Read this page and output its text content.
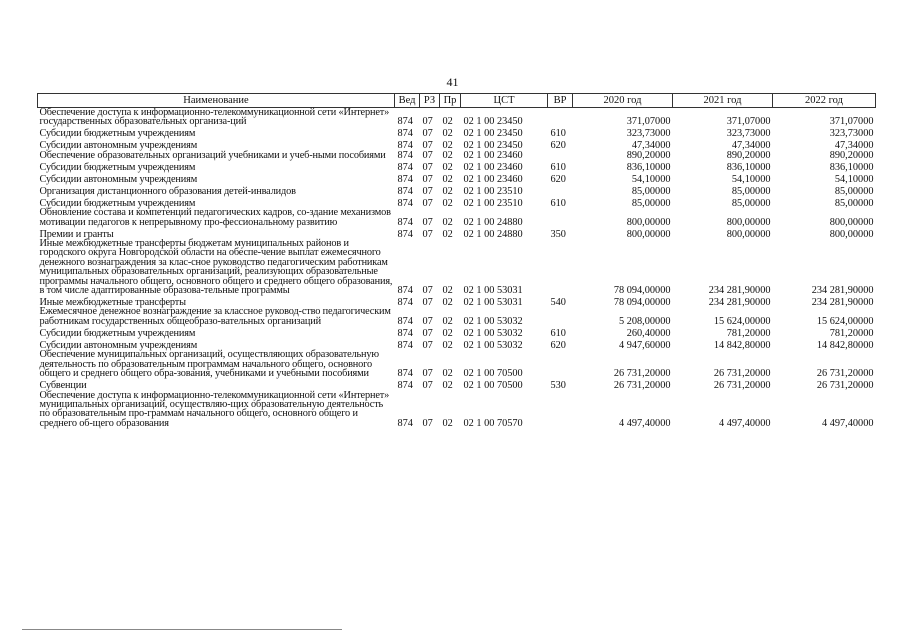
41
Наименование	Вед	РЗ	Пр	ЦСТ	ВР	2020 год	2021 год	2022 год
Обеспечение доступа к информационно-телекоммуникационной сети «Интернет» государственных образовательных организа-ций	874	07	02	02 1 00 23450		371,07000	371,07000	371,07000
Субсидии бюджетным учреждениям	874	07	02	02 1 00 23450	610	323,73000	323,73000	323,73000
Субсидии автономным учреждениям	874	07	02	02 1 00 23450	620	47,34000	47,34000	47,34000
Обеспечение образовательных организаций учебниками и учеб-ными пособиями	874	07	02	02 1 00 23460		890,20000	890,20000	890,20000
Субсидии бюджетным учреждениям	874	07	02	02 1 00 23460	610	836,10000	836,10000	836,10000
Субсидии автономным учреждениям	874	07	02	02 1 00 23460	620	54,10000	54,10000	54,10000
Организация дистанционного образования детей-инвалидов	874	07	02	02 1 00 23510		85,00000	85,00000	85,00000
Субсидии бюджетным учреждениям	874	07	02	02 1 00 23510	610	85,00000	85,00000	85,00000
Обновление состава и компетенций педагогических кадров, со-здание механизмов мотивации педагогов к непрерывному про-фессиональному развитию	874	07	02	02 1 00 24880		800,00000	800,00000	800,00000
Премии и гранты	874	07	02	02 1 00 24880	350	800,00000	800,00000	800,00000
Иные межбюджетные трансферты бюджетам муниципальных районов и городского округа Новгородской области на обеспе-чение выплат ежемесячного денежного вознаграждения за клас-сное руководство педагогическим работникам муниципальных образовательных организаций, реализующих образовательные программы начального общего, основного общего и среднего общего образования, в том числе адаптированные образова-тельные программы	874	07	02	02 1 00 53031		78 094,00000	234 281,90000	234 281,90000
Иные межбюджетные трансферты	874	07	02	02 1 00 53031	540	78 094,00000	234 281,90000	234 281,90000
Ежемесячное денежное вознаграждение за классное руковод-ство педагогическим работникам государственных общеобразо-вательных организаций	874	07	02	02 1 00 53032		5 208,00000	15 624,00000	15 624,00000
Субсидии бюджетным учреждениям	874	07	02	02 1 00 53032	610	260,40000	781,20000	781,20000
Субсидии автономным учреждениям	874	07	02	02 1 00 53032	620	4 947,60000	14 842,80000	14 842,80000
Обеспечение муниципальных организаций, осуществляющих образовательную деятельность по образовательным программам начального общего, основного общего и среднего общего обра-зования, учебниками и учебными пособиями	874	07	02	02 1 00 70500		26 731,20000	26 731,20000	26 731,20000
Субвенции	874	07	02	02 1 00 70500	530	26 731,20000	26 731,20000	26 731,20000
Обеспечение доступа к информационно-телекоммуникационной сети «Интернет» муниципальных организаций, осуществляю-щих образовательную деятельность по образовательным про-граммам начального общего, основного общего и среднего об-щего образования	874	07	02	02 1 00 70570		4 497,40000	4 497,40000	4 497,40000
